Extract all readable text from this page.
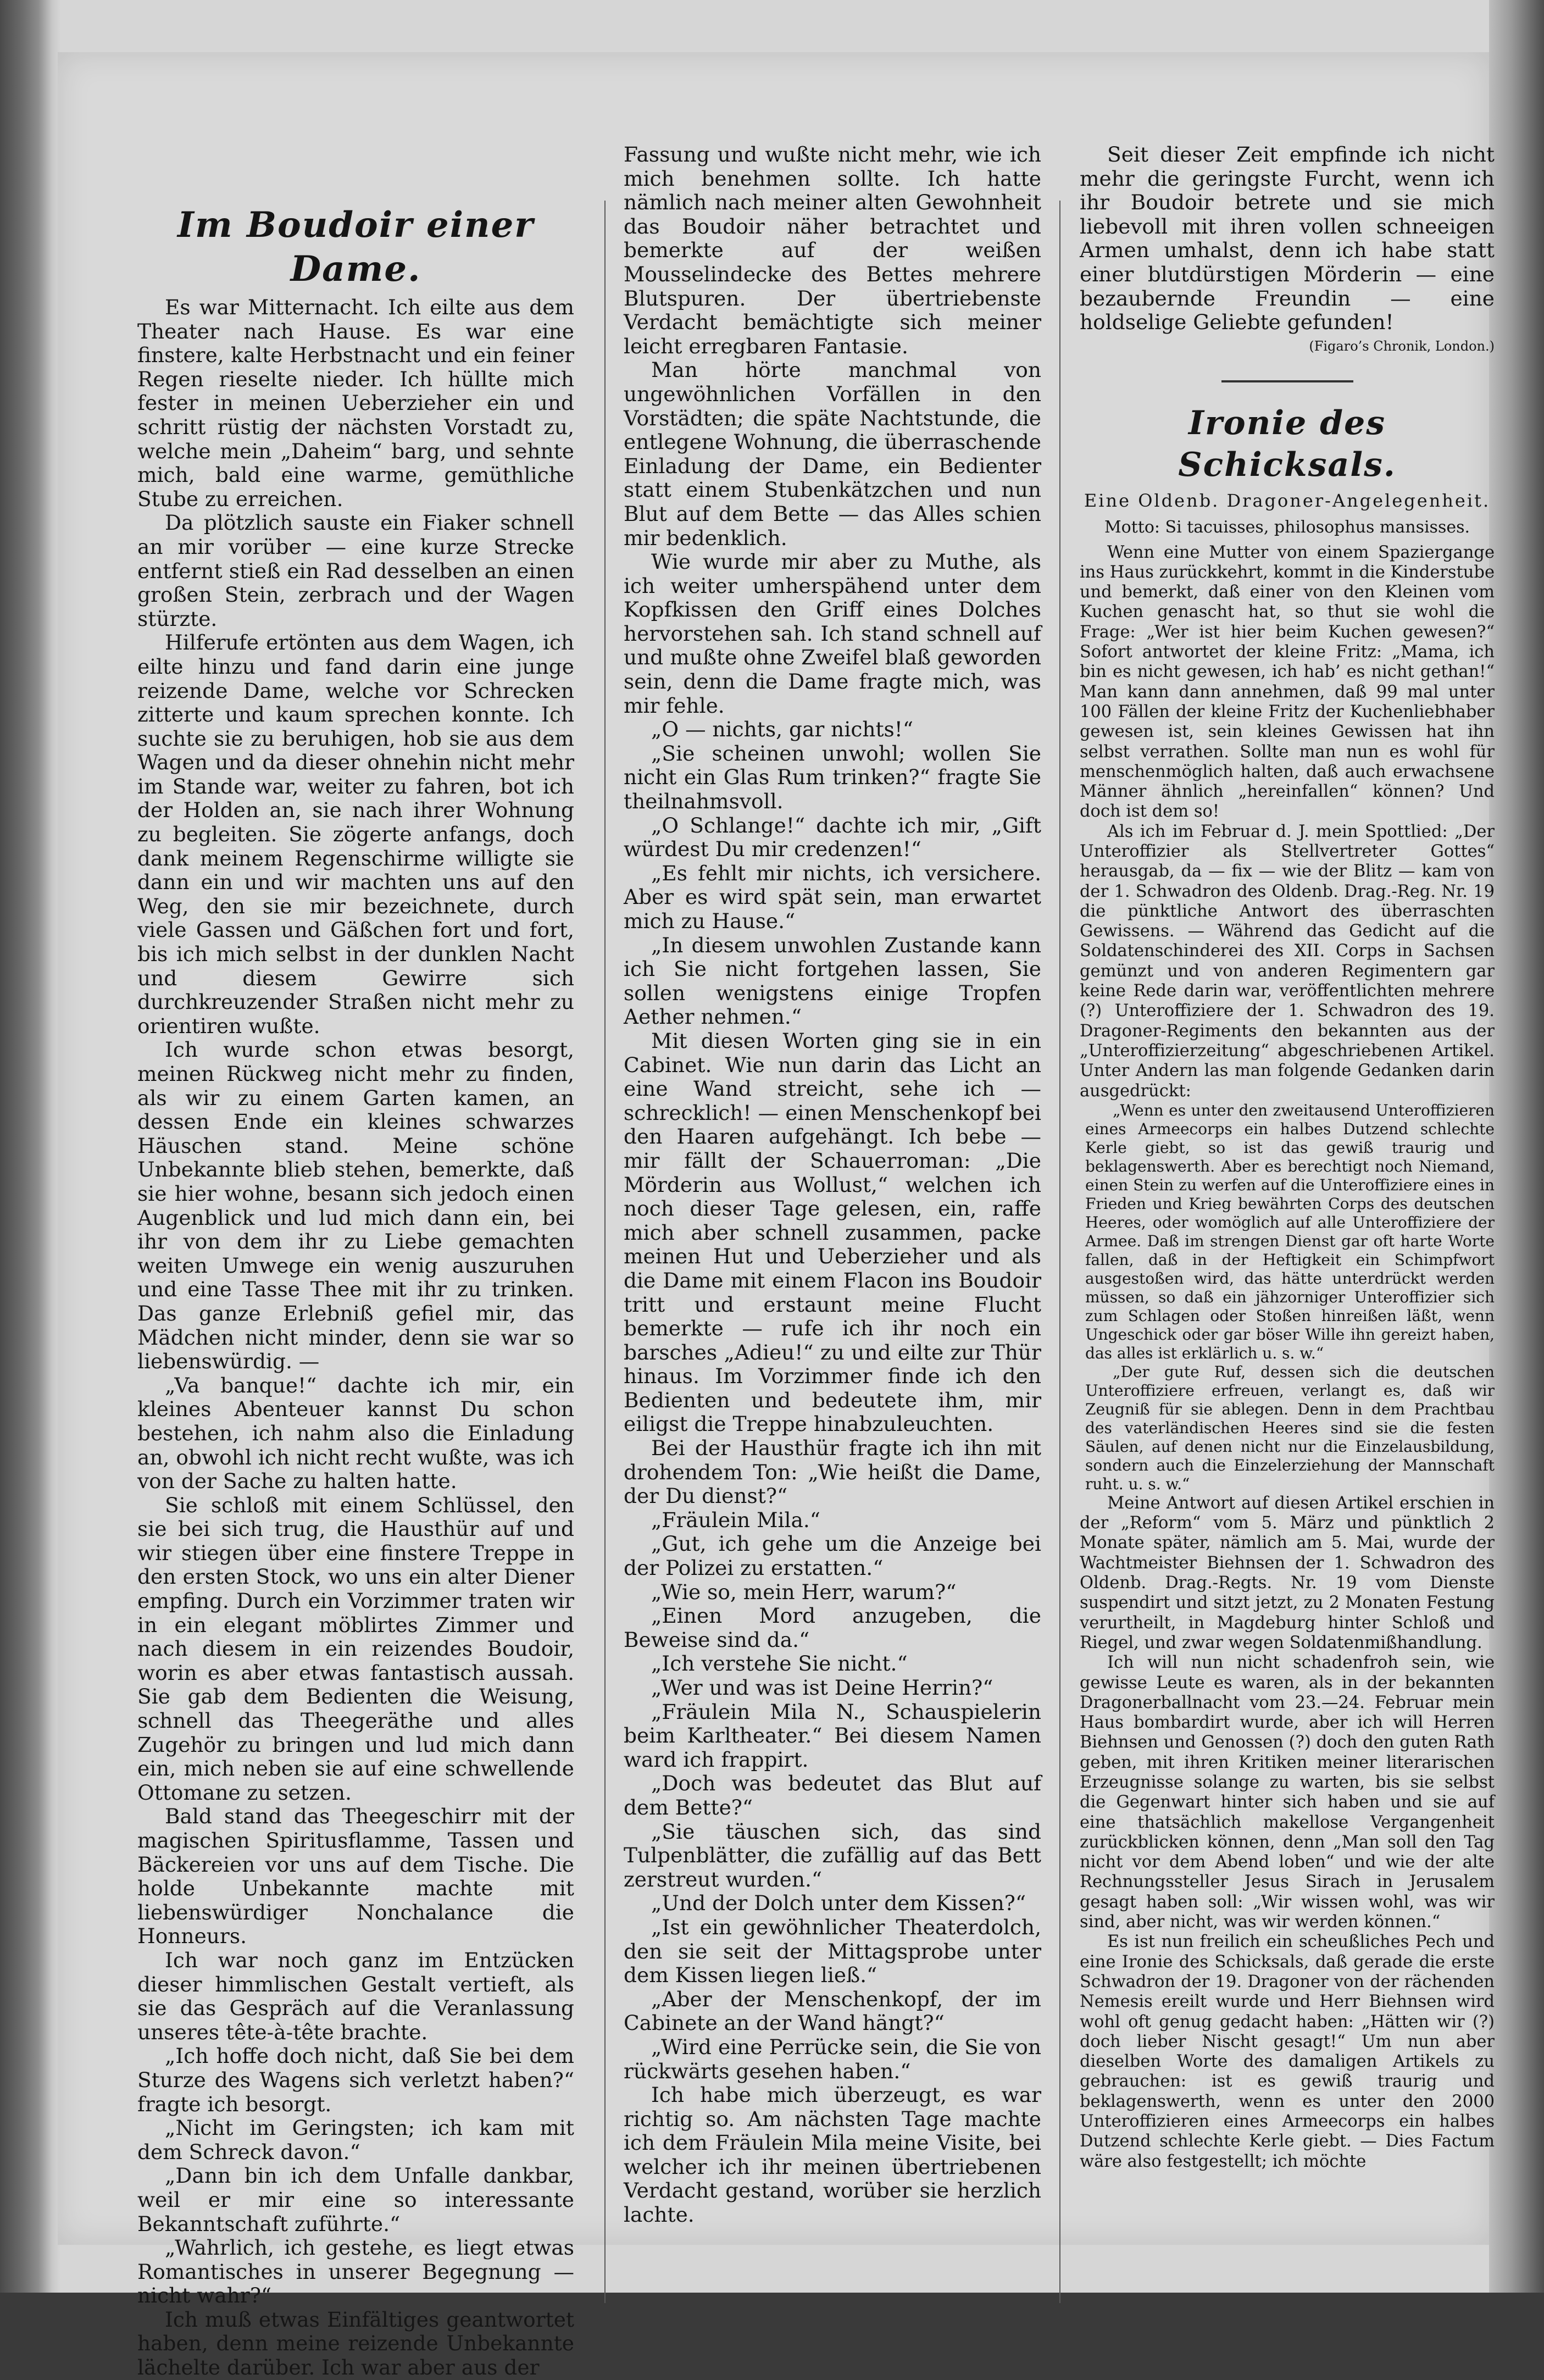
Im Boudoir einer Dame.

Es war Mitternacht. Ich eilte aus dem Theater nach Hause. Es war eine finstere, kalte Herbstnacht und ein feiner Regen rieselte nieder. Ich hüllte mich fester in meinen Ueberzieher ein und schritt rüstig der nächsten Vorstadt zu, welche mein „Daheim“ barg, und sehnte mich, bald eine warme, gemüthliche Stube zu erreichen.

Da plötzlich sauste ein Fiaker schnell an mir vorüber — eine kurze Strecke entfernt stieß ein Rad desselben an einen großen Stein, zerbrach und der Wagen stürzte.

Hilferufe ertönten aus dem Wagen, ich eilte hinzu und fand darin eine junge reizende Dame, welche vor Schrecken zitterte und kaum sprechen konnte. Ich suchte sie zu beruhigen, hob sie aus dem Wagen und da dieser ohnehin nicht mehr im Stande war, weiter zu fahren, bot ich der Holden an, sie nach ihrer Wohnung zu begleiten. Sie zögerte anfangs, doch dank meinem Regenschirme willigte sie dann ein und wir machten uns auf den Weg, den sie mir bezeichnete, durch viele Gassen und Gäßchen fort und fort, bis ich mich selbst in der dunklen Nacht und diesem Gewirre sich durchkreuzender Straßen nicht mehr zu orientiren wußte.

Ich wurde schon etwas besorgt, meinen Rückweg nicht mehr zu finden, als wir zu einem Garten kamen, an dessen Ende ein kleines schwarzes Häuschen stand. Meine schöne Unbekannte blieb stehen, bemerkte, daß sie hier wohne, besann sich jedoch einen Augenblick und lud mich dann ein, bei ihr von dem ihr zu Liebe gemachten weiten Umwege ein wenig auszuruhen und eine Tasse Thee mit ihr zu trinken. Das ganze Erlebniß gefiel mir, das Mädchen nicht minder, denn sie war so liebenswürdig. —

„Va banque!“ dachte ich mir, ein kleines Abenteuer kannst Du schon bestehen, ich nahm also die Einladung an, obwohl ich nicht recht wußte, was ich von der Sache zu halten hatte.

Sie schloß mit einem Schlüssel, den sie bei sich trug, die Hausthür auf und wir stiegen über eine finstere Treppe in den ersten Stock, wo uns ein alter Diener empfing. Durch ein Vorzimmer traten wir in ein elegant möblirtes Zimmer und nach diesem in ein reizendes Boudoir, worin es aber etwas fantastisch aussah. Sie gab dem Bedienten die Weisung, schnell das Theegeräthe und alles Zugehör zu bringen und lud mich dann ein, mich neben sie auf eine schwellende Ottomane zu setzen.

Bald stand das Theegeschirr mit der magischen Spiritusflamme, Tassen und Bäckereien vor uns auf dem Tische. Die holde Unbekannte machte mit liebenswürdiger Nonchalance die Honneurs.

Ich war noch ganz im Entzücken dieser himmlischen Gestalt vertieft, als sie das Gespräch auf die Veranlassung unseres tête-à-tête brachte.

„Ich hoffe doch nicht, daß Sie bei dem Sturze des Wagens sich verletzt haben?“ fragte ich besorgt.

„Nicht im Geringsten; ich kam mit dem Schreck davon.“

„Dann bin ich dem Unfalle dankbar, weil er mir eine so interessante Bekanntschaft zuführte.“

„Wahrlich, ich gestehe, es liegt etwas Romantisches in unserer Begegnung — nicht wahr?“

Ich muß etwas Einfältiges geantwortet haben, denn meine reizende Unbekannte lächelte darüber. Ich war aber aus der

Fassung und wußte nicht mehr, wie ich mich benehmen sollte. Ich hatte nämlich nach meiner alten Gewohnheit das Boudoir näher betrachtet und bemerkte auf der weißen Mousselindecke des Bettes mehrere Blutspuren. Der übertriebenste Verdacht bemächtigte sich meiner leicht erregbaren Fantasie.

Man hörte manchmal von ungewöhnlichen Vorfällen in den Vorstädten; die späte Nachtstunde, die entlegene Wohnung, die überraschende Einladung der Dame, ein Bedienter statt einem Stubenkätzchen und nun Blut auf dem Bette — das Alles schien mir bedenklich.

Wie wurde mir aber zu Muthe, als ich weiter umherspähend unter dem Kopfkissen den Griff eines Dolches hervorstehen sah. Ich stand schnell auf und mußte ohne Zweifel blaß geworden sein, denn die Dame fragte mich, was mir fehle.

„O — nichts, gar nichts!“

„Sie scheinen unwohl; wollen Sie nicht ein Glas Rum trinken?“ fragte Sie theilnahmsvoll.

„O Schlange!“ dachte ich mir, „Gift würdest Du mir credenzen!“

„Es fehlt mir nichts, ich versichere. Aber es wird spät sein, man erwartet mich zu Hause.“

„In diesem unwohlen Zustande kann ich Sie nicht fortgehen lassen, Sie sollen wenigstens einige Tropfen Aether nehmen.“

Mit diesen Worten ging sie in ein Cabinet. Wie nun darin das Licht an eine Wand streicht, sehe ich — schrecklich! — einen Menschenkopf bei den Haaren aufgehängt. Ich bebe — mir fällt der Schauerroman: „Die Mörderin aus Wollust,“ welchen ich noch dieser Tage gelesen, ein, raffe mich aber schnell zusammen, packe meinen Hut und Ueberzieher und als die Dame mit einem Flacon ins Boudoir tritt und erstaunt meine Flucht bemerkte — rufe ich ihr noch ein barsches „Adieu!“ zu und eilte zur Thür hinaus. Im Vorzimmer finde ich den Bedienten und bedeutete ihm, mir eiligst die Treppe hinabzuleuchten.

Bei der Hausthür fragte ich ihn mit drohendem Ton: „Wie heißt die Dame, der Du dienst?“

„Fräulein Mila.“

„Gut, ich gehe um die Anzeige bei der Polizei zu erstatten.“

„Wie so, mein Herr, warum?“

„Einen Mord anzugeben, die Beweise sind da.“

„Ich verstehe Sie nicht.“

„Wer und was ist Deine Herrin?“

„Fräulein Mila N., Schauspielerin beim Karltheater.“ Bei diesem Namen ward ich frappirt.

„Doch was bedeutet das Blut auf dem Bette?“

„Sie täuschen sich, das sind Tulpenblätter, die zufällig auf das Bett zerstreut wurden.“

„Und der Dolch unter dem Kissen?“

„Ist ein gewöhnlicher Theaterdolch, den sie seit der Mittagsprobe unter dem Kissen liegen ließ.“

„Aber der Menschenkopf, der im Cabinete an der Wand hängt?“

„Wird eine Perrücke sein, die Sie von rückwärts gesehen haben.“

Ich habe mich überzeugt, es war richtig so. Am nächsten Tage machte ich dem Fräulein Mila meine Visite, bei welcher ich ihr meinen übertriebenen Verdacht gestand, worüber sie herzlich lachte.

Seit dieser Zeit empfinde ich nicht mehr die geringste Furcht, wenn ich ihr Boudoir betrete und sie mich liebevoll mit ihren vollen schneeigen Armen umhalst, denn ich habe statt einer blutdürstigen Mörderin — eine bezaubernde Freundin — eine holdselige Geliebte gefunden!

(Figaro’s Chronik, London.)
Ironie des Schicksals.
Eine Oldenb. Dragoner-Angelegenheit.
Motto: Si tacuisses, philosophus mansisses.

Wenn eine Mutter von einem Spaziergange ins Haus zurückkehrt, kommt in die Kinderstube und bemerkt, daß einer von den Kleinen vom Kuchen genascht hat, so thut sie wohl die Frage: „Wer ist hier beim Kuchen gewesen?“ Sofort antwortet der kleine Fritz: „Mama, ich bin es nicht gewesen, ich hab’ es nicht gethan!“ Man kann dann annehmen, daß 99 mal unter 100 Fällen der kleine Fritz der Kuchenliebhaber gewesen ist, sein kleines Gewissen hat ihn selbst verrathen. Sollte man nun es wohl für menschenmöglich halten, daß auch erwachsene Männer ähnlich „hereinfallen“ können? Und doch ist dem so!

Als ich im Februar d. J. mein Spottlied: „Der Unteroffizier als Stellvertreter Gottes“ herausgab, da — fix — wie der Blitz — kam von der 1. Schwadron des Oldenb. Drag.-Reg. Nr. 19 die pünktliche Antwort des überraschten Gewissens. — Während das Gedicht auf die Soldatenschinderei des XII. Corps in Sachsen gemünzt und von anderen Regimentern gar keine Rede darin war, veröffentlichten mehrere (?) Unteroffiziere der 1. Schwadron des 19. Dragoner-Regiments den bekannten aus der „Unteroffizierzeitung“ abgeschriebenen Artikel. Unter Andern las man folgende Gedanken darin ausgedrückt:

„Wenn es unter den zweitausend Unteroffizieren eines Armeecorps ein halbes Dutzend schlechte Kerle giebt, so ist das gewiß traurig und beklagenswerth. Aber es berechtigt noch Niemand, einen Stein zu werfen auf die Unteroffiziere eines in Frieden und Krieg bewährten Corps des deutschen Heeres, oder womöglich auf alle Unteroffiziere der Armee. Daß im strengen Dienst gar oft harte Worte fallen, daß in der Heftigkeit ein Schimpfwort ausgestoßen wird, das hätte unterdrückt werden müssen, so daß ein jähzorniger Unteroffizier sich zum Schlagen oder Stoßen hinreißen läßt, wenn Ungeschick oder gar böser Wille ihn gereizt haben, das alles ist erklärlich u. s. w.“

„Der gute Ruf, dessen sich die deutschen Unteroffiziere erfreuen, verlangt es, daß wir Zeugniß für sie ablegen. Denn in dem Prachtbau des vaterländischen Heeres sind sie die festen Säulen, auf denen nicht nur die Einzelausbildung, sondern auch die Einzelerziehung der Mannschaft ruht. u. s. w.“

Meine Antwort auf diesen Artikel erschien in der „Reform“ vom 5. März und pünktlich 2 Monate später, nämlich am 5. Mai, wurde der Wachtmeister Biehnsen der 1. Schwadron des Oldenb. Drag.-Regts. Nr. 19 vom Dienste suspendirt und sitzt jetzt, zu 2 Monaten Festung verurtheilt, in Magdeburg hinter Schloß und Riegel, und zwar wegen Soldatenmißhandlung.

Ich will nun nicht schadenfroh sein, wie gewisse Leute es waren, als in der bekannten Dragonerballnacht vom 23.—24. Februar mein Haus bombardirt wurde, aber ich will Herren Biehnsen und Genossen (?) doch den guten Rath geben, mit ihren Kritiken meiner literarischen Erzeugnisse solange zu warten, bis sie selbst die Gegenwart hinter sich haben und sie auf eine thatsächlich makellose Vergangenheit zurückblicken können, denn „Man soll den Tag nicht vor dem Abend loben“ und wie der alte Rechnungssteller Jesus Sirach in Jerusalem gesagt haben soll: „Wir wissen wohl, was wir sind, aber nicht, was wir werden können.“

Es ist nun freilich ein scheußliches Pech und eine Ironie des Schicksals, daß gerade die erste Schwadron der 19. Dragoner von der rächenden Nemesis ereilt wurde und Herr Biehnsen wird wohl oft genug gedacht haben: „Hätten wir (?) doch lieber Nischt gesagt!“ Um nun aber dieselben Worte des damaligen Artikels zu gebrauchen: ist es gewiß traurig und beklagenswerth, wenn es unter den 2000 Unteroffizieren eines Armeecorps ein halbes Dutzend schlechte Kerle giebt. — Dies Factum wäre also festgestellt; ich möchte
